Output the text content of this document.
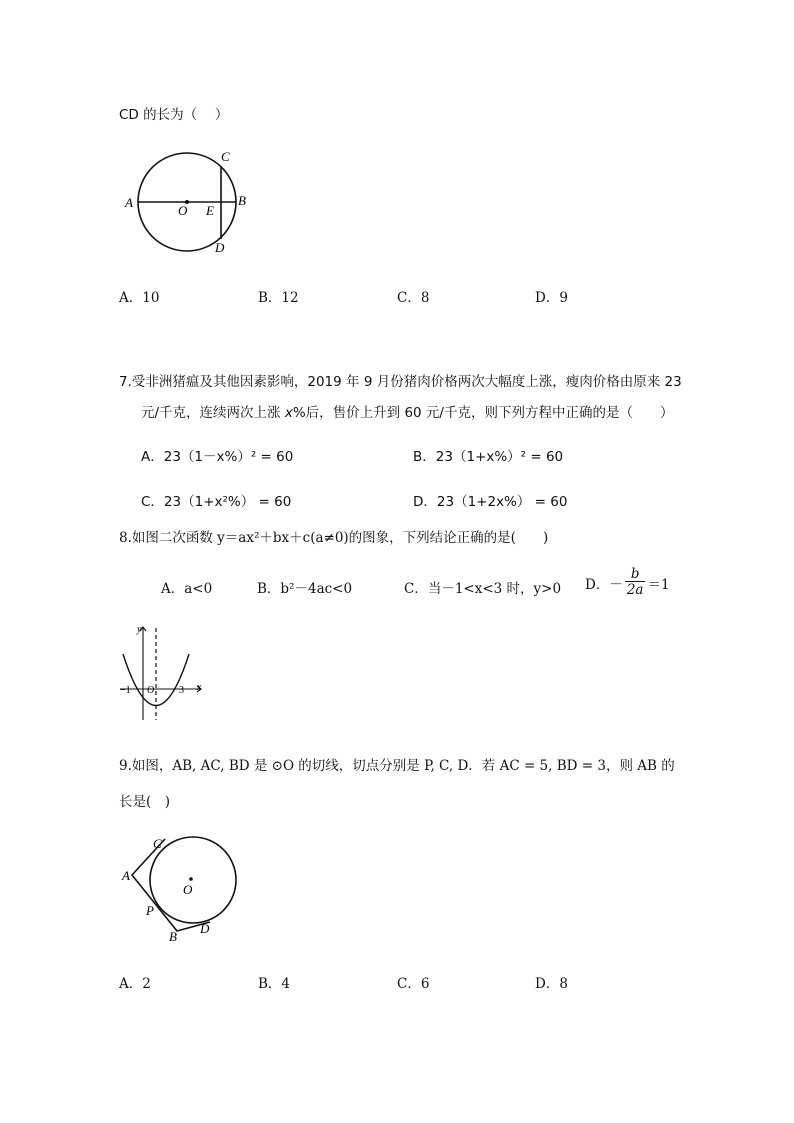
CD 的长为（　 ）
C
A
O E
B
D
A．10	B．12	C．8	D．9
7.受非洲猪瘟及其他因素影响，2019 年 9 月份猪肉价格两次大幅度上涨，瘦肉价格由原来 23
元/千克，连续两次上涨 x%后，售价上升到 60 元/千克，则下列方程中正确的是（　　）
A．23（1－x%）² = 60	B．23（1+x%）² = 60
C．23（1+x²%） = 60	D．23（1+2x%） = 60
8.如图二次函数 y＝ax²＋bx＋c(a≠0)的图象，下列结论正确的是(　　)
A．a<0	B．b²－4ac<0	C．当－1<x<3 时，y>0 D．－ $\frac{b}{2a} =1$
y
x
−1 O 3
9.如图，AB, AC, BD 是 ⊙O 的切线，切点分别是 P, C, D．若 AC = 5, BD = 3，则 AB 的
长是(　)
C
A
O
P
B
D
A．2	B．4	C．6	D．8
